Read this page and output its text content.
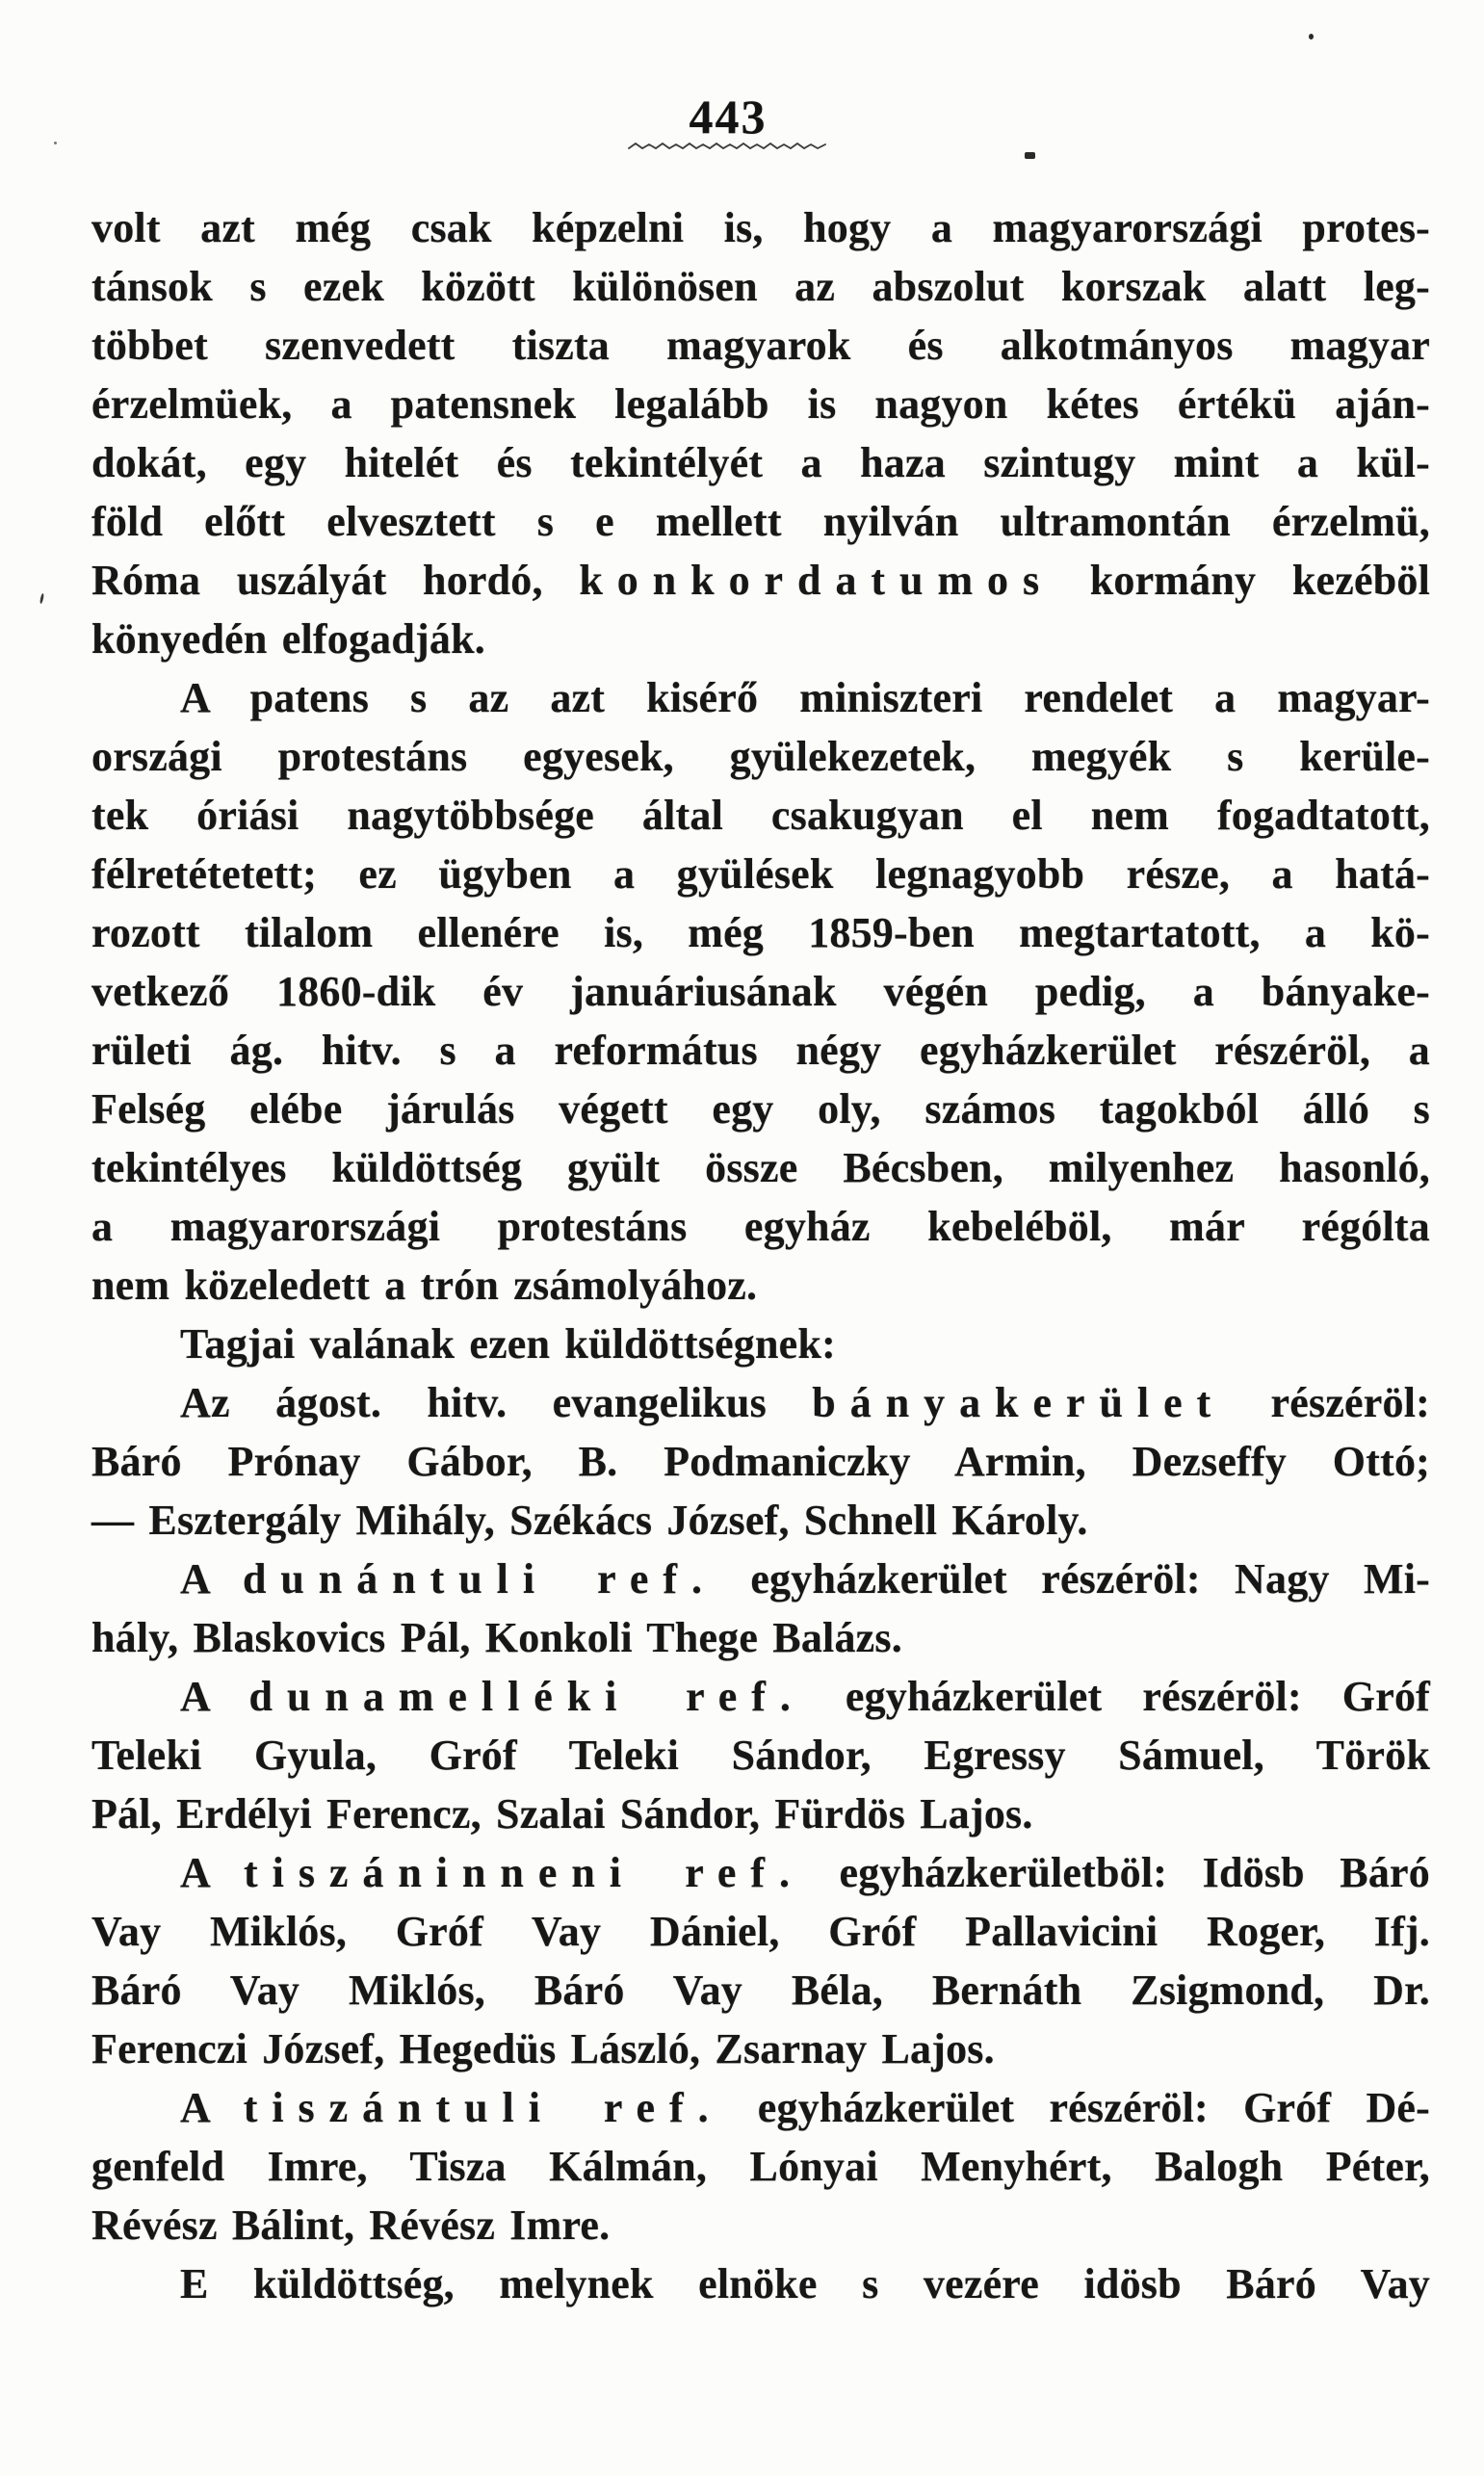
443
volt azt még csak képzelni is, hogy a magyarországi protes-
tánsok s ezek között különösen az abszolut korszak alatt leg-
többet szenvedett tiszta magyarok és alkotmányos magyar
érzelmüek, a patensnek legalább is nagyon kétes értékü aján-
dokát, egy hitelét és tekintélyét a haza szintugy mint a kül-
föld előtt elvesztett s e mellett nyilván ultramontán érzelmü,
Róma uszályát hordó, konkordatumos kormány kezéböl
könyedén elfogadják.
A patens s az azt kisérő miniszteri rendelet a magyar-
országi protestáns egyesek, gyülekezetek, megyék s kerüle-
tek óriási nagytöbbsége által csakugyan el nem fogadtatott,
félretétetett; ez ügyben a gyülések legnagyobb része, a hatá-
rozott tilalom ellenére is, még 1859-ben megtartatott, a kö-
vetkező 1860-dik év januáriusának végén pedig, a bányake-
rületi ág. hitv. s a református négy egyházkerület részéröl, a
Felség elébe járulás végett egy oly, számos tagokból álló s
tekintélyes küldöttség gyült össze Bécsben, milyenhez hasonló,
a magyarországi protestáns egyház kebeléböl, már régólta
nem közeledett a trón zsámolyához.
Tagjai valának ezen küldöttségnek:
Az ágost. hitv. evangelikus bányakerület részéröl:
Báró Prónay Gábor, B. Podmaniczky Armin, Dezseffy Ottó;
— Esztergály Mihály, Székács József, Schnell Károly.
A dunántuli ref. egyházkerület részéröl: Nagy Mi-
hály, Blaskovics Pál, Konkoli Thege Balázs.
A dunamelléki ref. egyházkerület részéröl: Gróf
Teleki Gyula, Gróf Teleki Sándor, Egressy Sámuel, Török
Pál, Erdélyi Ferencz, Szalai Sándor, Fürdös Lajos.
A tiszáninneni ref. egyházkerületböl: Idösb Báró
Vay Miklós, Gróf Vay Dániel, Gróf Pallavicini Roger, Ifj.
Báró Vay Miklós, Báró Vay Béla, Bernáth Zsigmond, Dr.
Ferenczi József, Hegedüs László, Zsarnay Lajos.
A tiszántuli ref. egyházkerület részéröl: Gróf Dé-
genfeld Imre, Tisza Kálmán, Lónyai Menyhért, Balogh Péter,
Révész Bálint, Révész Imre.
E küldöttség, melynek elnöke s vezére idösb Báró Vay
